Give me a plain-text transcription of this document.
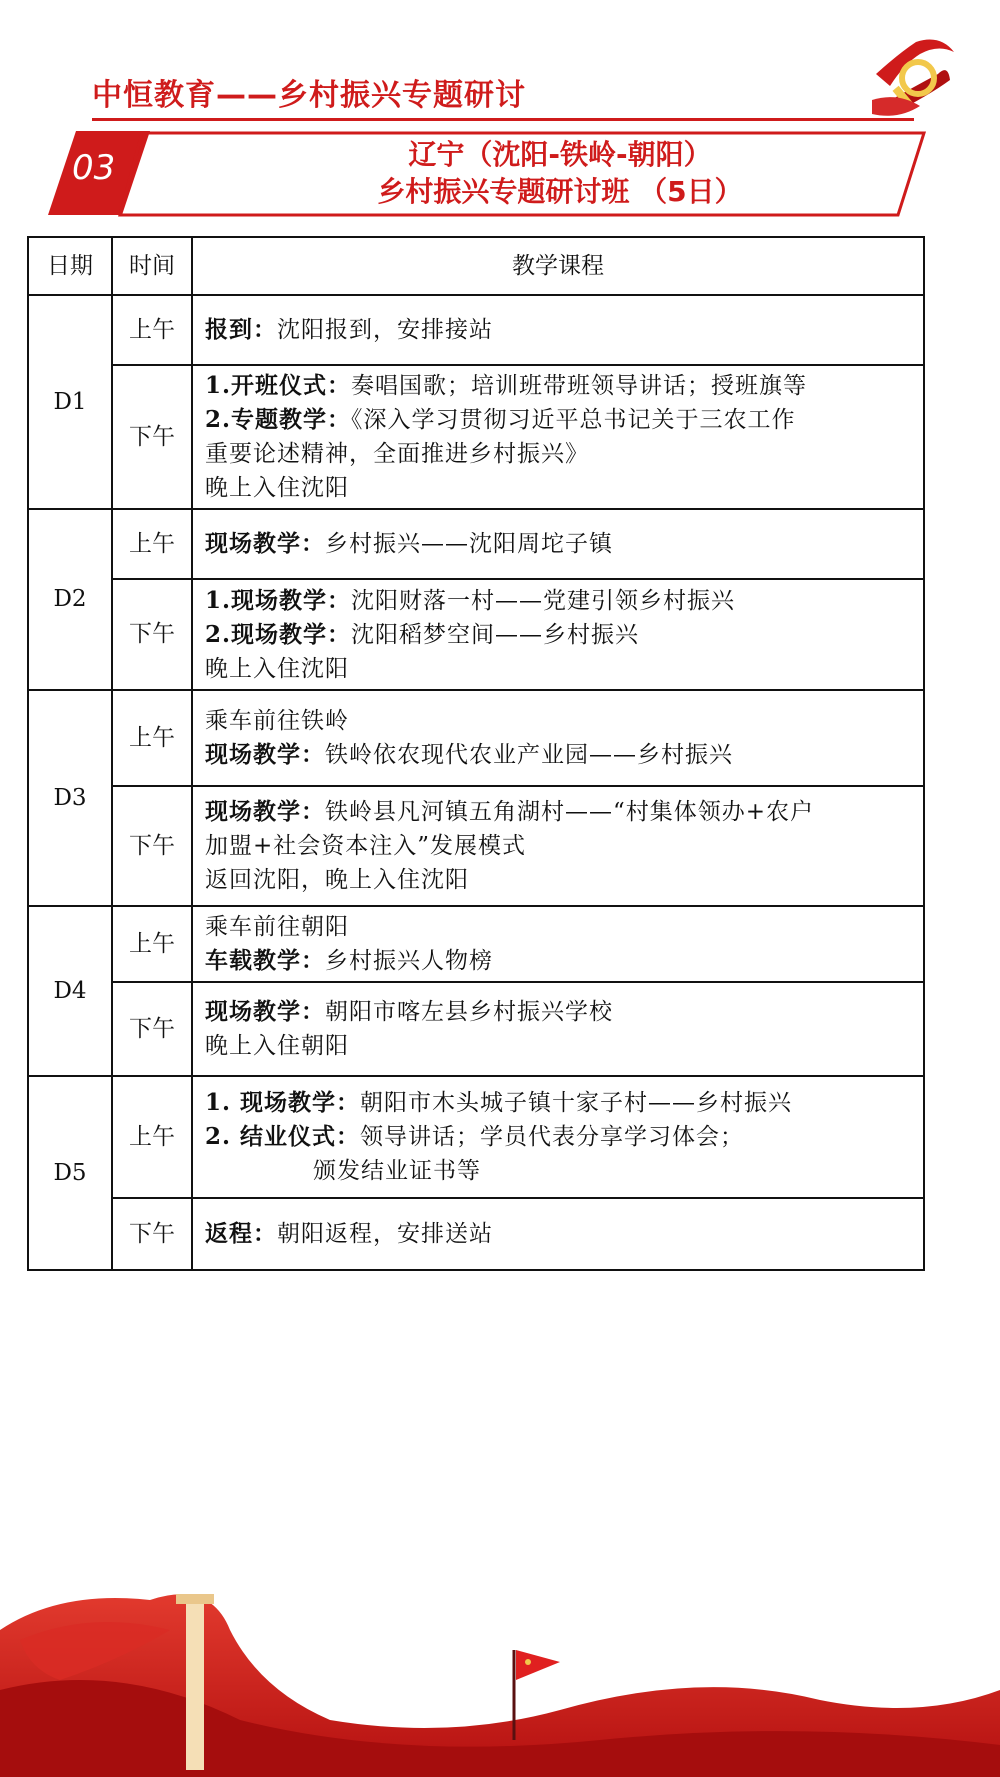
中恒教育——乡村振兴专题研讨
03	辽宁（沈阳-铁岭-朝阳）
乡村振兴专题研讨班 （5日）
日期	时间	教学课程
D1	上午	报到：沈阳报到，安排接站

	下午	1.开班仪式：奏唱国歌；培训班带班领导讲话；授班旗等
2.专题教学：《深入学习贯彻习近平总书记关于三农工作
重要论述精神，全面推进乡村振兴》
晚上入住沈阳

D2	上午	现场教学：乡村振兴——沈阳周坨子镇

	下午	1.现场教学：沈阳财落一村——党建引领乡村振兴
2.现场教学：沈阳稻梦空间——乡村振兴
晚上入住沈阳

D3	上午	乘车前往铁岭
现场教学：铁岭依农现代农业产业园——乡村振兴

	下午	现场教学：铁岭县凡河镇五角湖村——“村集体领办+农户
加盟+社会资本注入”发展模式
返回沈阳，晚上入住沈阳

D4	上午	乘车前往朝阳
车载教学：乡村振兴人物榜

	下午	现场教学：朝阳市喀左县乡村振兴学校
晚上入住朝阳

D5	上午	1. 现场教学：朝阳市木头城子镇十家子村——乡村振兴
2. 结业仪式：领导讲话；学员代表分享学习体会；
颁发结业证书等

	下午	返程：朝阳返程，安排送站
